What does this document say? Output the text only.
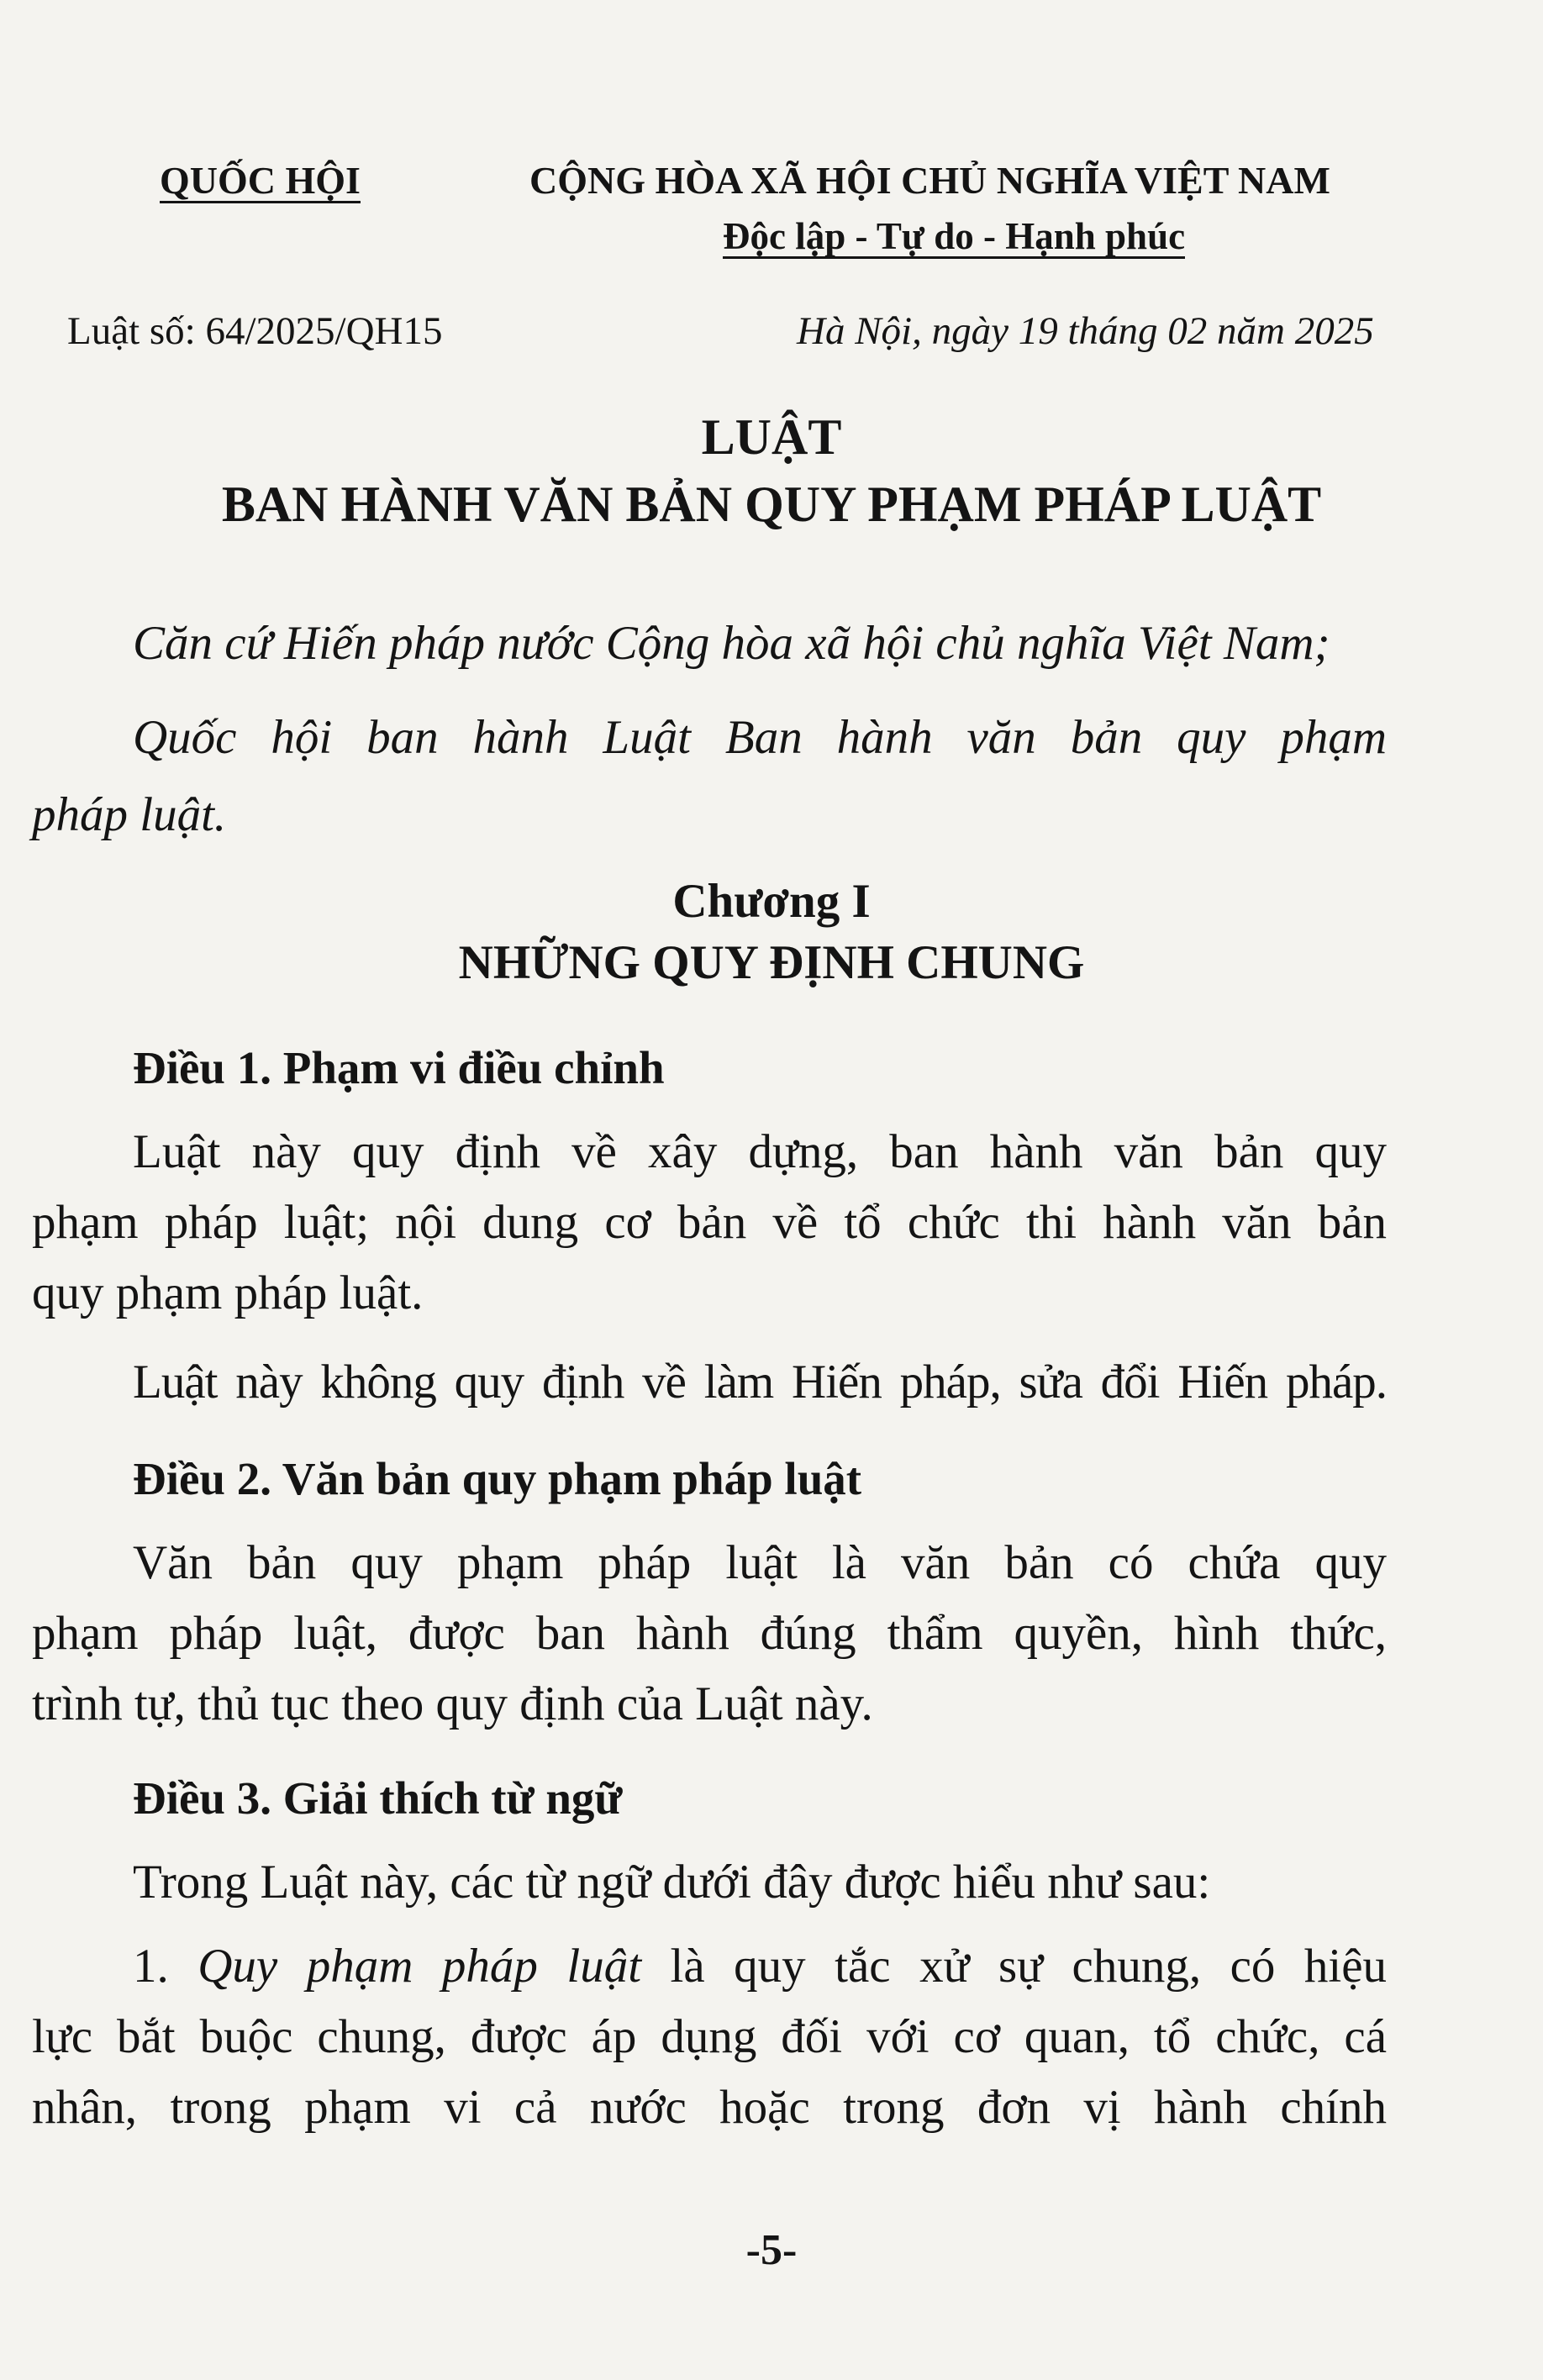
QUỐC HỘI	CỘNG HÒA XÃ HỘI CHỦ NGHĨA VIỆT NAM
Độc lập - Tự do - Hạnh phúc
Luật số: 64/2025/QH15	Hà Nội, ngày 19 tháng 02 năm 2025
LUẬT
BAN HÀNH VĂN BẢN QUY PHẠM PHÁP LUẬT

Căn cứ Hiến pháp nước Cộng hòa xã hội chủ nghĩa Việt Nam;

Quốc hội ban hành Luật Ban hành văn bản quy phạm

pháp luật.

Chương I
NHỮNG QUY ĐỊNH CHUNG

Điều 1. Phạm vi điều chỉnh

Luật này quy định về xây dựng, ban hành văn bản quy

phạm pháp luật; nội dung cơ bản về tổ chức thi hành văn bản

quy phạm pháp luật.

Luật này không quy định về làm Hiến pháp, sửa đổi Hiến pháp.

Điều 2. Văn bản quy phạm pháp luật

Văn bản quy phạm pháp luật là văn bản có chứa quy

phạm pháp luật, được ban hành đúng thẩm quyền, hình thức,

trình tự, thủ tục theo quy định của Luật này.

Điều 3. Giải thích từ ngữ

Trong Luật này, các từ ngữ dưới đây được hiểu như sau:

1. Quy phạm pháp luật là quy tắc xử sự chung, có hiệu

lực bắt buộc chung, được áp dụng đối với cơ quan, tổ chức, cá

nhân, trong phạm vi cả nước hoặc trong đơn vị hành chính

-5-
